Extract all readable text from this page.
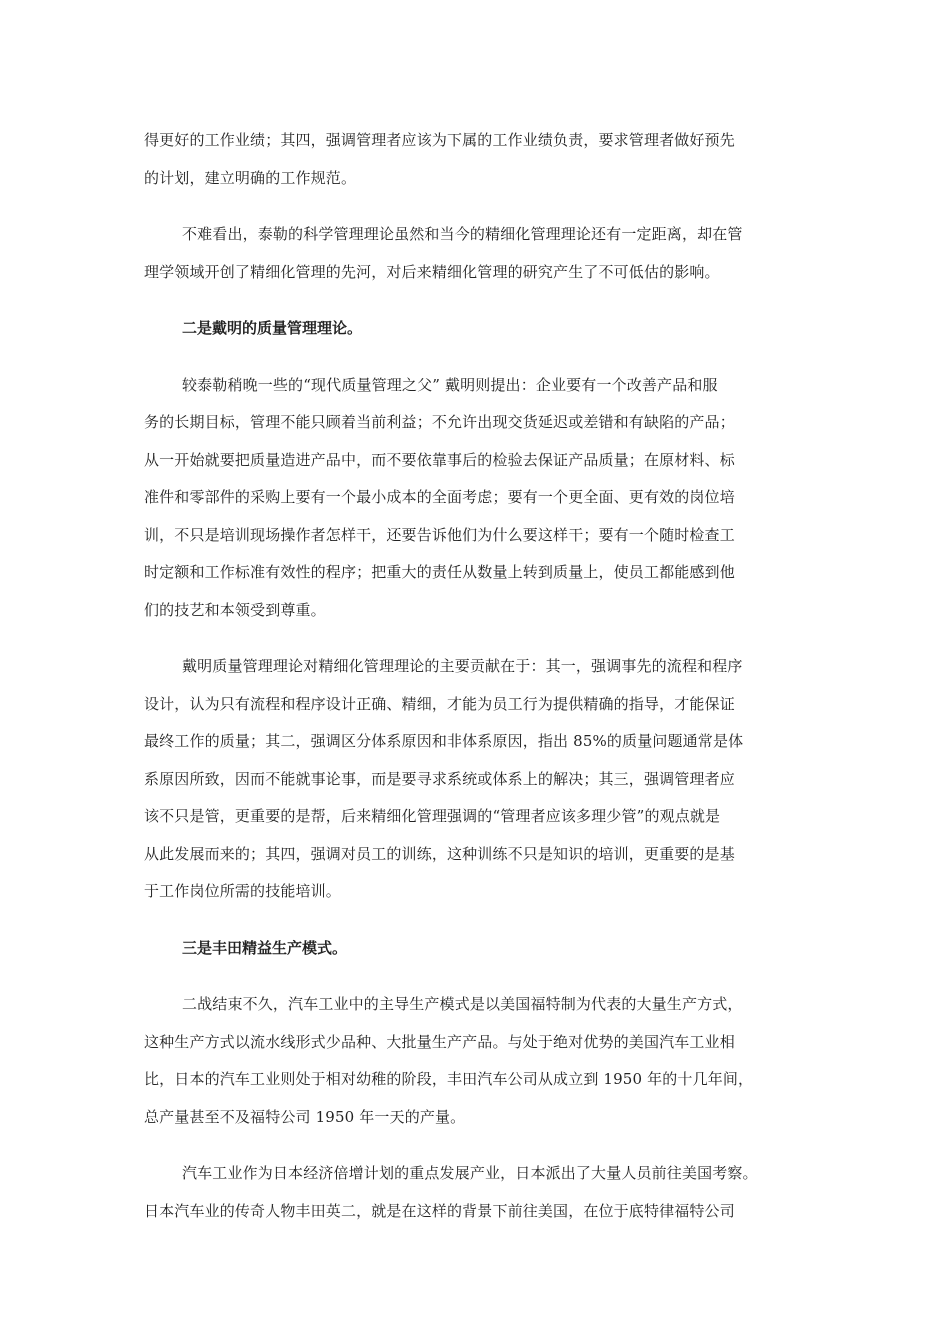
得更好的工作业绩；其四，强调管理者应该为下属的工作业绩负责，要求管理者做好预先
的计划，建立明确的工作规范。

不难看出，泰勒的科学管理理论虽然和当今的精细化管理理论还有一定距离，却在管
理学领域开创了精细化管理的先河，对后来精细化管理的研究产生了不可低估的影响。

二是戴明的质量管理理论。

较泰勒稍晚一些的“现代质量管理之父” 戴明则提出：企业要有一个改善产品和服
务的长期目标，管理不能只顾着当前利益；不允许出现交货延迟或差错和有缺陷的产品；
从一开始就要把质量造进产品中，而不要依靠事后的检验去保证产品质量；在原材料、标
准件和零部件的采购上要有一个最小成本的全面考虑；要有一个更全面、更有效的岗位培
训，不只是培训现场操作者怎样干，还要告诉他们为什么要这样干；要有一个随时检查工
时定额和工作标准有效性的程序；把重大的责任从数量上转到质量上，使员工都能感到他
们的技艺和本领受到尊重。

戴明质量管理理论对精细化管理理论的主要贡献在于：其一，强调事先的流程和程序
设计，认为只有流程和程序设计正确、精细，才能为员工行为提供精确的指导，才能保证
最终工作的质量；其二，强调区分体系原因和非体系原因，指出 85%的质量问题通常是体
系原因所致，因而不能就事论事，而是要寻求系统或体系上的解决；其三，强调管理者应
该不只是管，更重要的是帮，后来精细化管理强调的“管理者应该多理少管”的观点就是
从此发展而来的；其四，强调对员工的训练，这种训练不只是知识的培训，更重要的是基
于工作岗位所需的技能培训。

三是丰田精益生产模式。

二战结束不久，汽车工业中的主导生产模式是以美国福特制为代表的大量生产方式，
这种生产方式以流水线形式少品种、大批量生产产品。与处于绝对优势的美国汽车工业相
比，日本的汽车工业则处于相对幼稚的阶段，丰田汽车公司从成立到 1950 年的十几年间，
总产量甚至不及福特公司 1950 年一天的产量。

汽车工业作为日本经济倍增计划的重点发展产业，日本派出了大量人员前往美国考察。
日本汽车业的传奇人物丰田英二，就是在这样的背景下前往美国，在位于底特律福特公司
